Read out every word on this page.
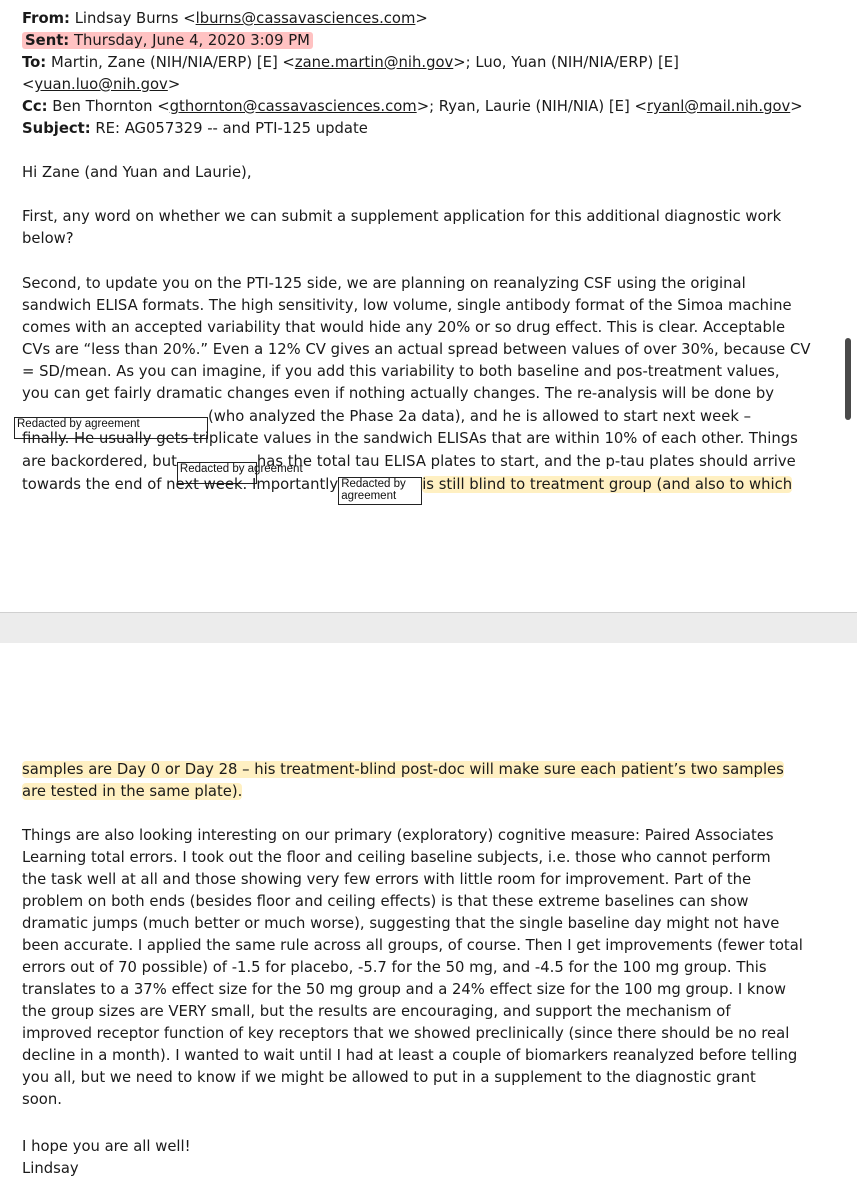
From: Lindsay Burns <lburns@cassavasciences.com>
Sent: Thursday, June 4, 2020 3:09 PM
To: Martin, Zane (NIH/NIA/ERP) [E] <zane.martin@nih.gov>; Luo, Yuan (NIH/NIA/ERP) [E]
<yuan.luo@nih.gov>
Cc: Ben Thornton <gthornton@cassavasciences.com>; Ryan, Laurie (NIH/NIA) [E] <ryanl@mail.nih.gov>
Subject: RE: AG057329 -- and PTI-125 update
Hi Zane (and Yuan and Laurie),
First, any word on whether we can submit a supplement application for this additional diagnostic work
below?
Second, to update you on the PTI-125 side, we are planning on reanalyzing CSF using the original
sandwich ELISA formats. The high sensitivity, low volume, single antibody format of the Simoa machine
comes with an accepted variability that would hide any 20% or so drug effect. This is clear. Acceptable
CVs are “less than 20%.” Even a 12% CV gives an actual spread between values of over 30%, because CV
= SD/mean. As you can imagine, if you add this variability to both baseline and pos-treatment values,
you can get fairly dramatic changes even if nothing actually changes. The re-analysis will be done by
Redacted by agreement	(who analyzed the Phase 2a data), and he is allowed to start next week –
finally. He usually gets triplicate values in the sandwich ELISAs that are within 10% of each other. Things
are backordered, but Redacted by agreementhas the total tau ELISA plates to start, and the p-tau plates should arrive
towards the end of next week. Importantly Redacted by agreementis still blind to treatment group (and also to which
samples are Day 0 or Day 28 – his treatment-blind post-doc will make sure each patient’s two samples
are tested in the same plate).
Things are also looking interesting on our primary (exploratory) cognitive measure: Paired Associates
Learning total errors. I took out the floor and ceiling baseline subjects, i.e. those who cannot perform
the task well at all and those showing very few errors with little room for improvement. Part of the
problem on both ends (besides floor and ceiling effects) is that these extreme baselines can show
dramatic jumps (much better or much worse), suggesting that the single baseline day might not have
been accurate. I applied the same rule across all groups, of course. Then I get improvements (fewer total
errors out of 70 possible) of -1.5 for placebo, -5.7 for the 50 mg, and -4.5 for the 100 mg group. This
translates to a 37% effect size for the 50 mg group and a 24% effect size for the 100 mg group. I know
the group sizes are VERY small, but the results are encouraging, and support the mechanism of
improved receptor function of key receptors that we showed preclinically (since there should be no real
decline in a month). I wanted to wait until I had at least a couple of biomarkers reanalyzed before telling
you all, but we need to know if we might be allowed to put in a supplement to the diagnostic grant
soon.
I hope you are all well!
Lindsay
